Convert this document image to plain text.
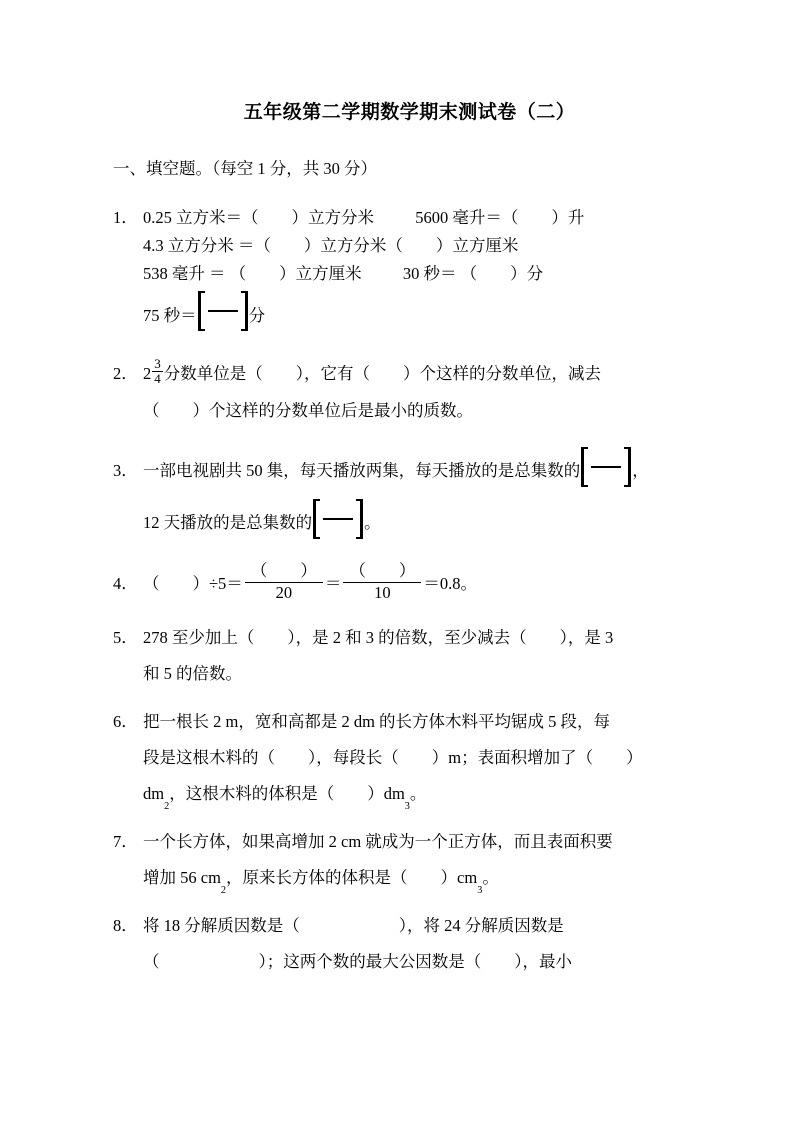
五年级第二学期数学期末测试卷（二）
一、填空题。（每空 1 分，共 30 分）
1． 0.25 立方米＝（        ）立方分米          5600 毫升＝（        ）升
4.3 立方分米 ＝（        ）立方分米（        ）立方厘米
538 毫升 ＝ （        ）立方厘米          30 秒＝ （        ）分
75 秒＝	分
2． $2 \frac{3}{4}$ 分数单位是（        ），它有（        ）个这样的分数单位，减去
（        ）个这样的分数单位后是最小的质数。
3． 一部电视剧共 50 集，每天播放两集，每天播放的是总集数的	，
12 天播放的是总集数的	。
4． （        ）÷5＝
（        ）
20	＝
（        ）
10	＝0.8。
5． 278 至少加上（        ），是 2 和 3 的倍数，至少减去（        ），是 3
和 5 的倍数。
6． 把一根长 2 m，宽和高都是 2 dm 的长方体木料平均锯成 5 段，每
段是这根木料的（        ），每段长（        ）m；表面积增加了（        ）
dm
2
，这根木料的体积是（        ）dm
3
。
7． 一个长方体，如果高增加 2 cm 就成为一个正方体，而且表面积要
增加 56 cm
2
，原来长方体的体积是（        ）cm
3
。
8． 将 18 分解质因数是（                        ），将 24 分解质因数是
（                        ）；这两个数的最大公因数是（        ），最小
